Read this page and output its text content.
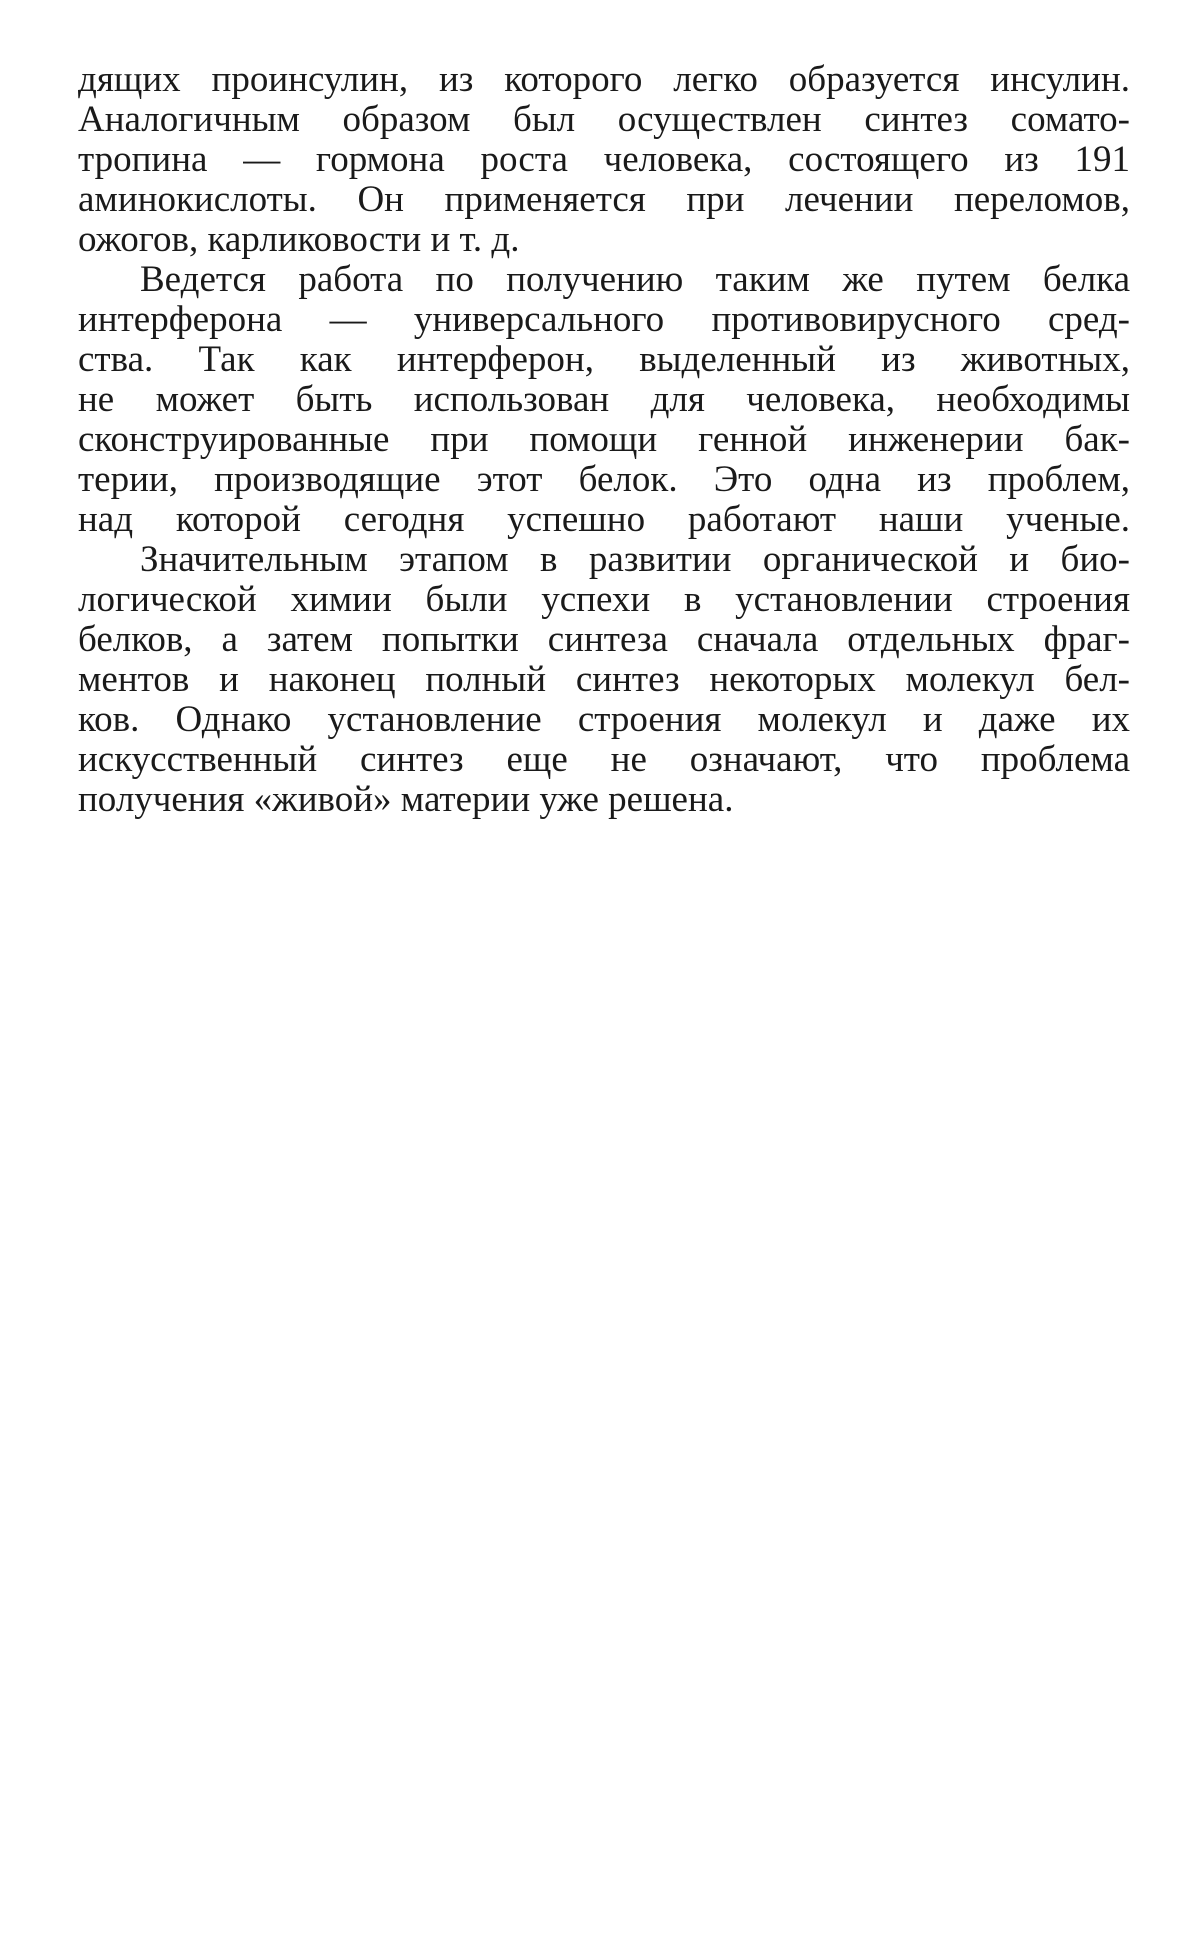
дящих проинсулин, из которого легко образуется инсулин.
Аналогичным образом был осуществлен синтез сомато-
тропина — гормона роста человека, состоящего из 191
аминокислоты. Он применяется при лечении переломов,
ожогов, карликовости и т. д.

Ведется работа по получению таким же путем белка
интерферона — универсального противовирусного сред-
ства. Так как интерферон, выделенный из животных,
не может быть использован для человека, необходимы
сконструированные при помощи генной инженерии бак-
терии, производящие этот белок. Это одна из проблем,
над которой сегодня успешно работают наши ученые.

Значительным этапом в развитии органической и био-
логической химии были успехи в установлении строения
белков, а затем попытки синтеза сначала отдельных фраг-
ментов и наконец полный синтез некоторых молекул бел-
ков. Однако установление строения молекул и даже их
искусственный синтез еще не означают, что проблема
получения «живой» материи уже решена.
